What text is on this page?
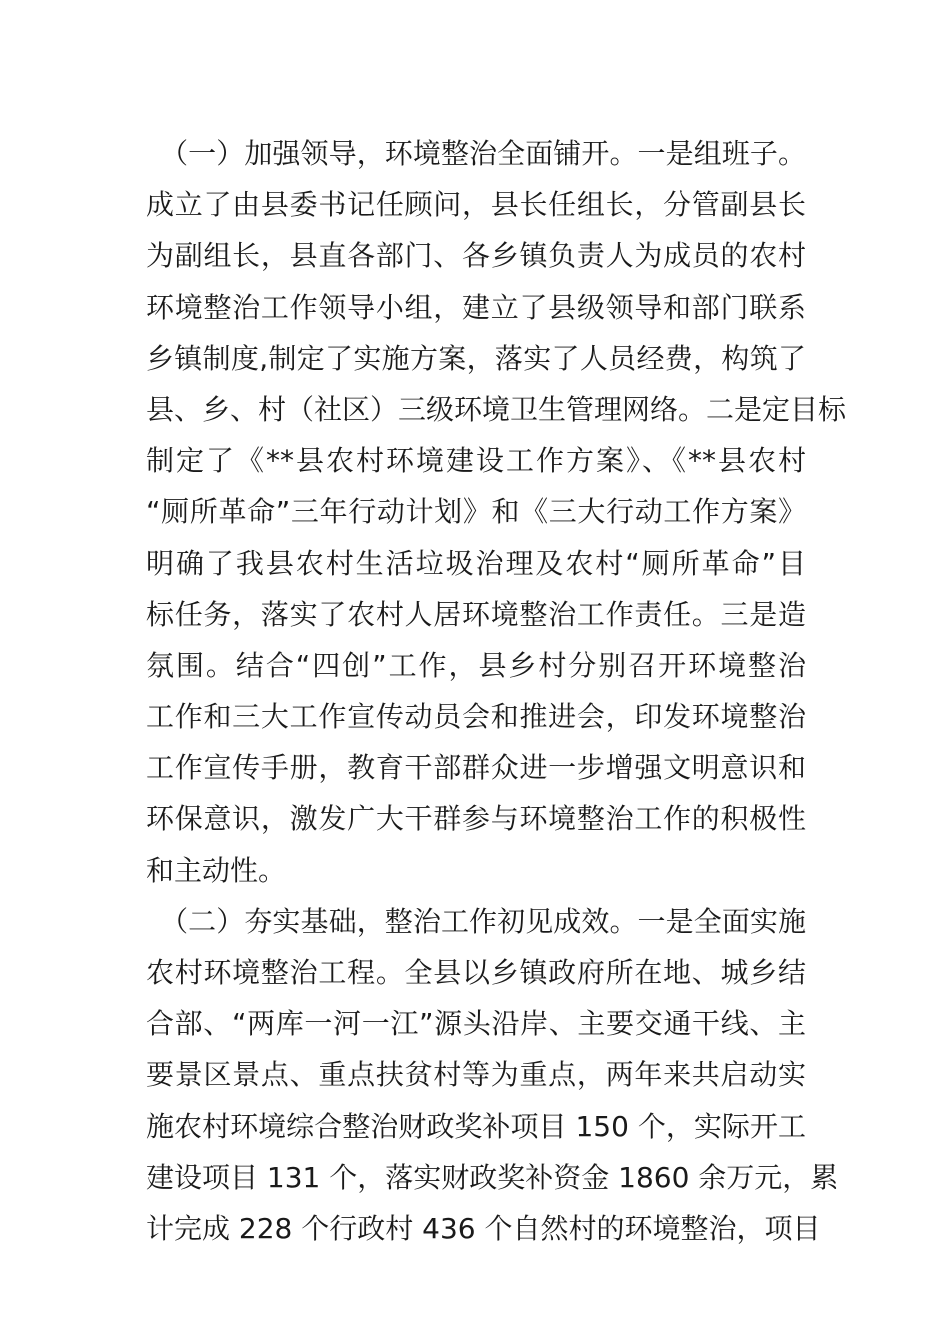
　（一）加强领导，环境整治全面铺开。一是组班子。
成立了由县委书记任顾问，县长任组长，分管副县长
为副组长，县直各部门、各乡镇负责人为成员的农村
环境整治工作领导小组，建立了县级领导和部门联系
乡镇制度,制定了实施方案，落实了人员经费，构筑了
县、乡、村（社区）三级环境卫生管理网络。二是定目标
制定了《**县农村环境建设工作方案》、《**县农村
“厕所革命”三年行动计划》和《三大行动工作方案》
明确了我县农村生活垃圾治理及农村“厕所革命”目
标任务，落实了农村人居环境整治工作责任。三是造
氛围。结合“四创”工作，县乡村分别召开环境整治
工作和三大工作宣传动员会和推进会，印发环境整治
工作宣传手册，教育干部群众进一步增强文明意识和
环保意识，激发广大干群参与环境整治工作的积极性
和主动性。
　（二）夯实基础，整治工作初见成效。一是全面实施
农村环境整治工程。全县以乡镇政府所在地、城乡结
合部、“两库一河一江”源头沿岸、主要交通干线、主
要景区景点、重点扶贫村等为重点，两年来共启动实
施农村环境综合整治财政奖补项目 150 个，实际开工
建设项目 131 个，落实财政奖补资金 1860 余万元，累
计完成 228 个行政村 436 个自然村的环境整治，项目
